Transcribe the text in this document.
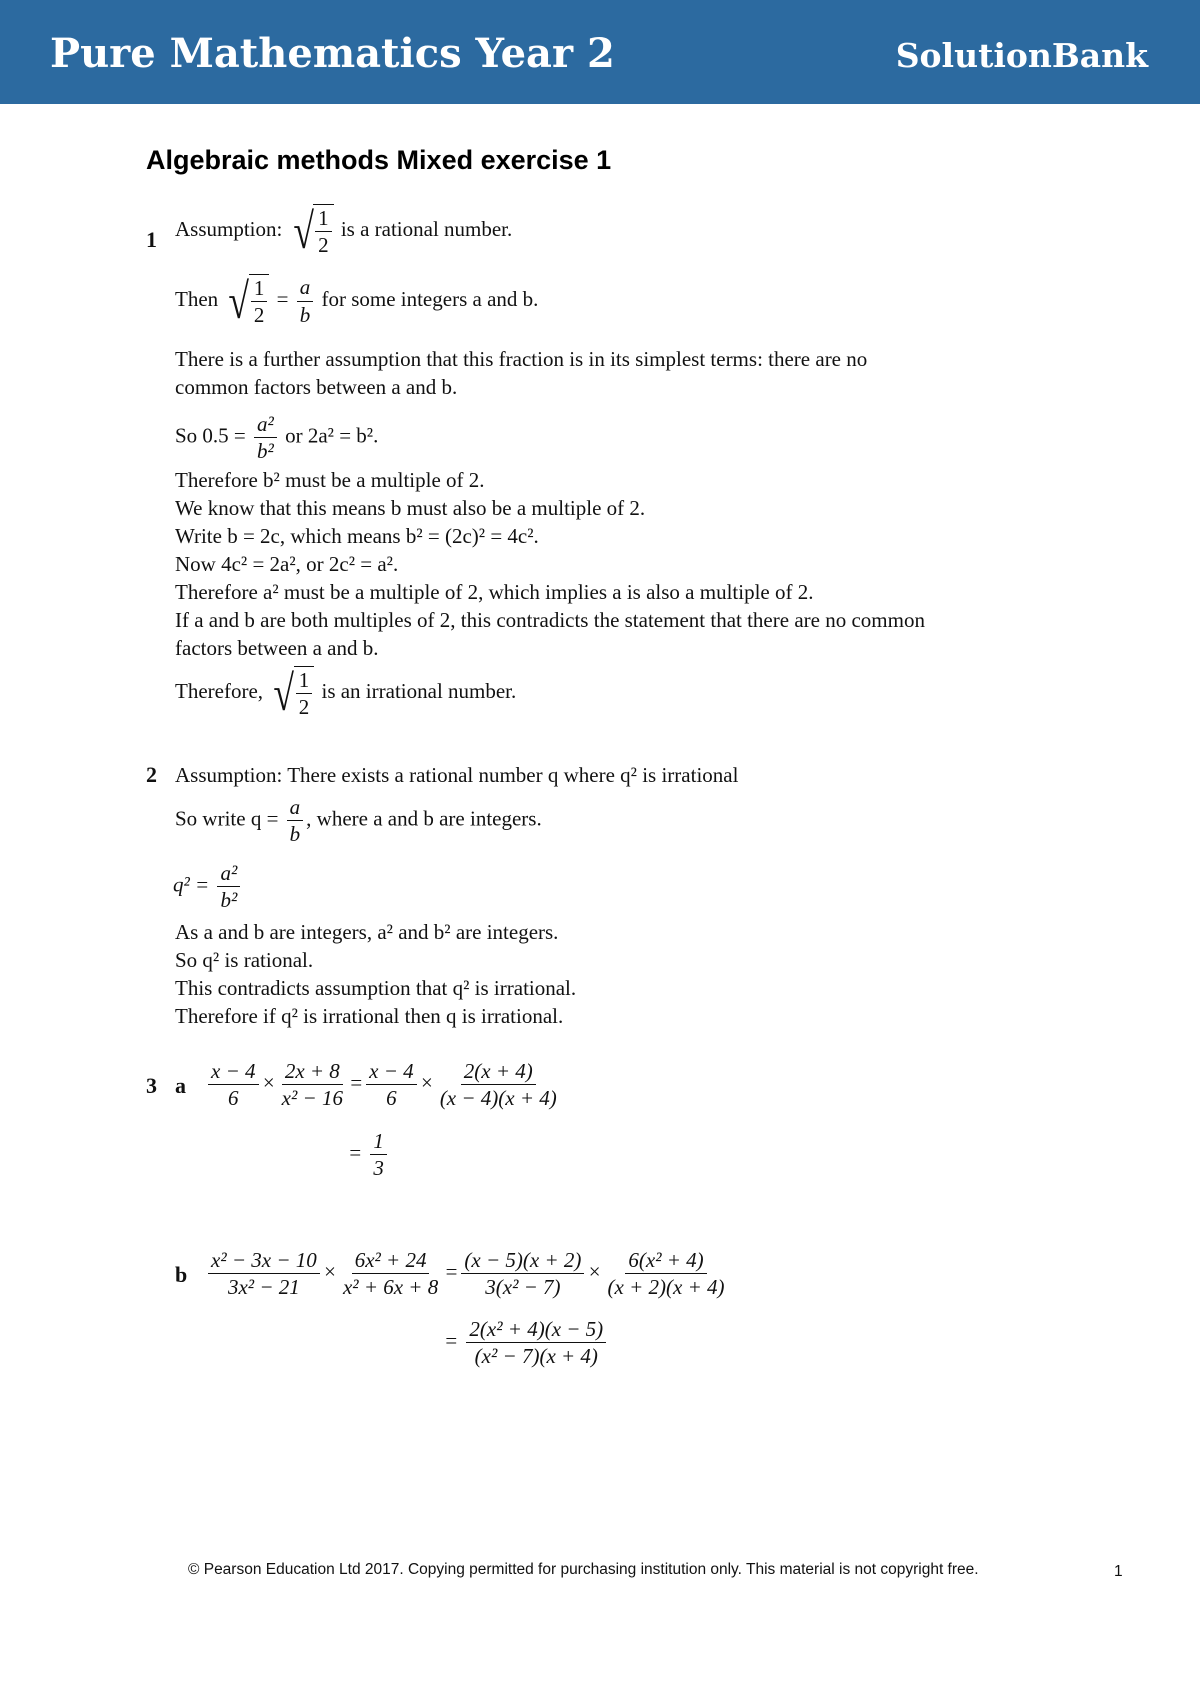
Pure Mathematics Year 2	SolutionBank
Algebraic methods Mixed exercise 1
1 Assumption: √ $\frac{1}{2}$ is a rational number.
Then √ $\frac{1}{2} = \frac{a}{b}$ for some integers a and b.
There is a further assumption that this fraction is in its simplest terms: there are no
common factors between a and b.
So $0.5 = \frac{\text{a²}}{\text{b²}}$ or 2a² = b².
Therefore b² must be a multiple of 2.
We know that this means b must also be a multiple of 2.
Write b = 2c, which means b² = (2c)² = 4c².
Now 4c² = 2a², or 2c² = a².
Therefore a² must be a multiple of 2, which implies a is also a multiple of 2.
If a and b are both multiples of 2, this contradicts the statement that there are no common
factors between a and b.
Therefore, √ $\frac{1}{2}$ is an irrational number.
2 Assumption: There exists a rational number q where q² is irrational
So write $q = \frac{a}{b}$ , where a and b are integers.
$q^2 = \frac{\text{a²}}{\text{b²}}$
As a and b are integers, a² and b² are integers.
So q² is rational.
This contradicts assumption that q² is irrational.
Therefore if q² is irrational then q is irrational.
3 a $\frac{x - 4}{6} \times \frac{2x + 8}{\text{x² − 16}} = \frac{x - 4}{6} \times \frac{2(x + 4)}{(x - 4)(x + 4)}$
= $\frac{1}{3}$
b $\frac{\text{x² − 3x − 10}}{\text{3x² − 21}} \times \frac{\text{6x² + 24}}{\text{x² + 6x + 8}} = \frac{(x - 5)(x + 2)}{\text{3(x² − 7)}} \times \frac{\text{6(x² + 4)}}{(x + 2)(x + 4)}$
= $\frac{\text{2(x² + 4)(x − 5)}}{\text{(x² − 7)(x + 4)}}$
© Pearson Education Ltd 2017. Copying permitted for purchasing institution only. This material is not copyright free.	1
